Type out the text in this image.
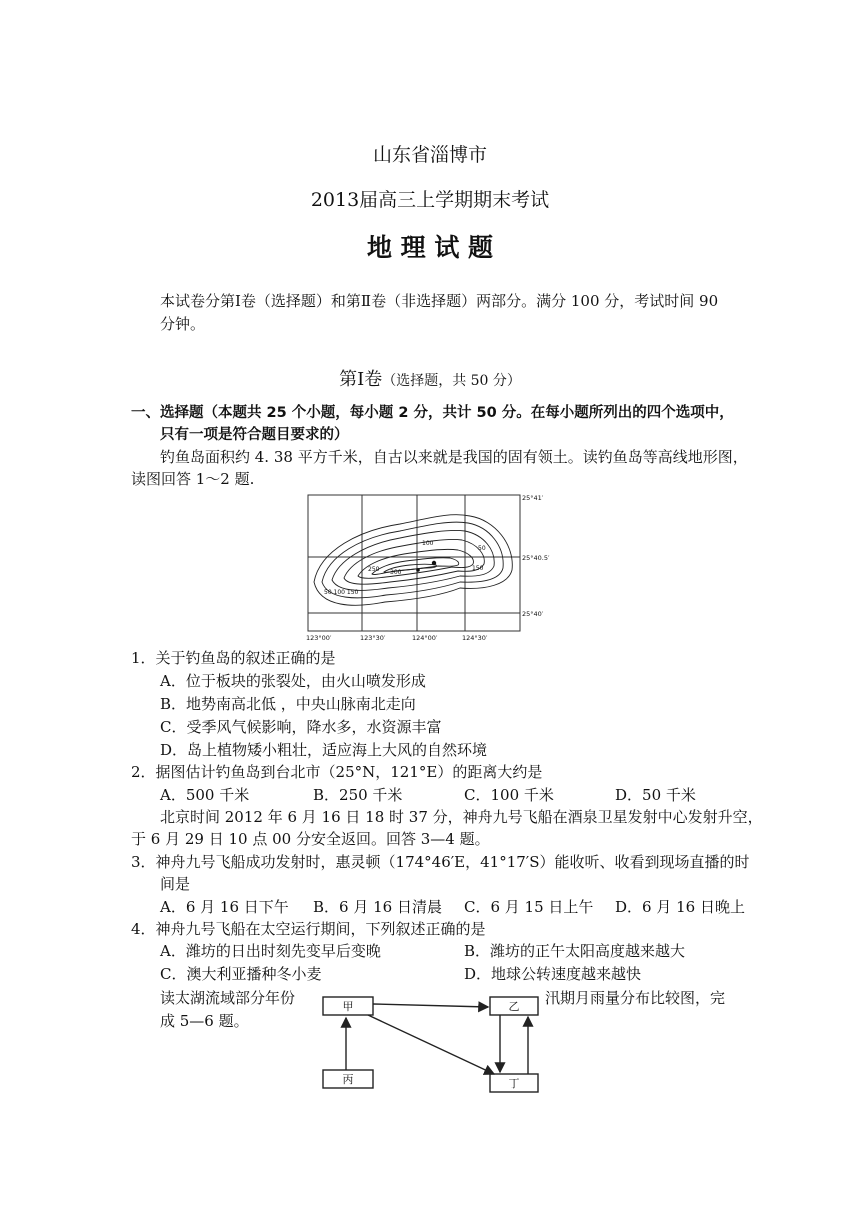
山东省淄博市
2013届高三上学期期末考试
地 理 试 题
本试卷分第Ⅰ卷（选择题）和第Ⅱ卷（非选择题）两部分。满分 100 分，考试时间 90
分钟。
第Ⅰ卷（选择题，共 50 分）
一、选择题（本题共 25 个小题，每小题 2 分，共计 50 分。在每小题所列出的四个选项中，
只有一项是符合题目要求的）
钓鱼岛面积约 4. 38 平方千米，自古以来就是我国的固有领土。读钓鱼岛等高线地形图，
读图回答 1～2 题.
50 100 150
100
250 300
50
150
25°41′
25°40.5′
25°40′
123°00′	123°30′	124°00′	124°30′
1．关于钓鱼岛的叙述正确的是
A．位于板块的张裂处，由火山喷发形成
B．地势南高北低 ，中央山脉南北走向
C．受季风气候影响，降水多，水资源丰富
D．岛上植物矮小粗壮，适应海上大风的自然环境
2．据图估计钓鱼岛到台北市（25°N，121°E）的距离大约是
A．500 千米	B．250 千米	C．100 千米	D．50 千米
北京时间 2012 年 6 月 16 日 18 时 37 分，神舟九号飞船在酒泉卫星发射中心发射升空，
于 6 月 29 日 10 点 00 分安全返回。回答 3—4 题。
3．神舟九号飞船成功发射时，惠灵顿（174°46′E，41°17′S）能收听、收看到现场直播的时
间是
A．6 月 16 日下午 B．6 月 16 日清晨 C．6 月 15 日上午 D．6 月 16 日晚上
4．神舟九号飞船在太空运行期间，下列叙述正确的是
A．潍坊的日出时刻先变早后变晚	B．潍坊的正午太阳高度越来越大
C．澳大利亚播种冬小麦	D．地球公转速度越来越快
读太湖流域部分年份	汛期月雨量分布比较图，完
成 5—6 题。
甲	乙
丙	丁
